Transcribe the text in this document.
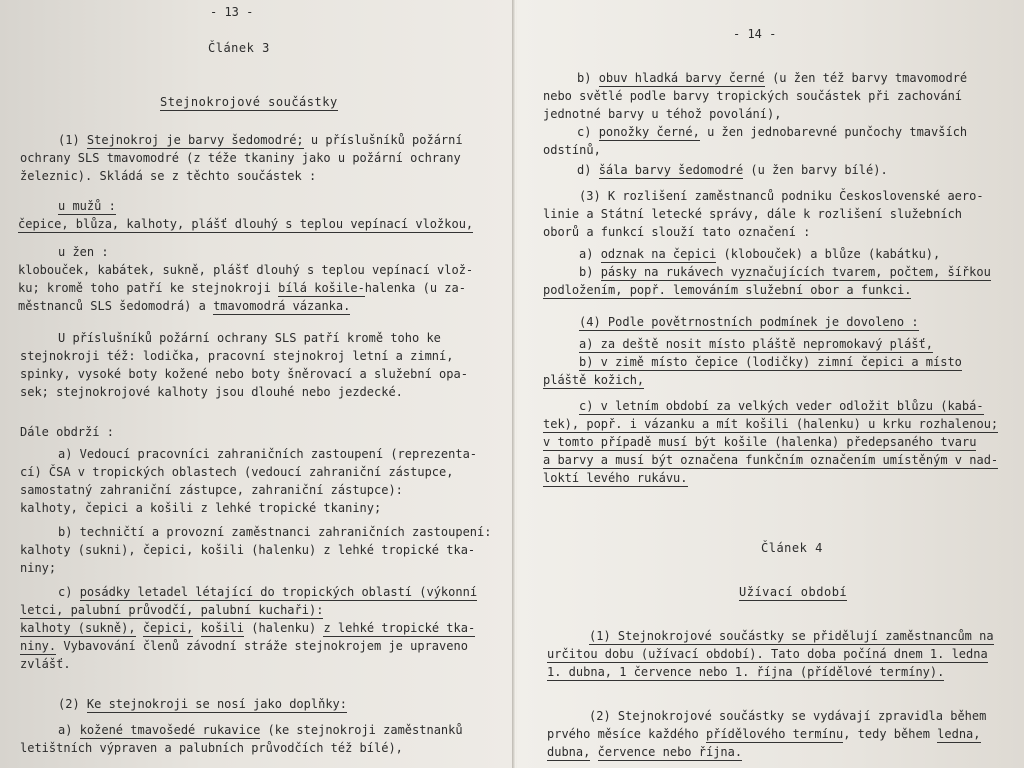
- 13 -
Článek 3
Stejnokrojové součástky
(1) Stejnokroj je barvy šedomodré; u příslušníků požární
ochrany SLS tmavomodré (z téže tkaniny jako u požární ochrany
železnic). Skládá se z těchto součástek :
u mužů :
čepice, blůza, kalhoty, plášť dlouhý s teplou vepínací vložkou,
u žen :
klobouček, kabátek, sukně, plášť dlouhý s teplou vepínací vlož-
ku; kromě toho patří ke stejnokroji bílá košile-halenka (u za-
městnanců SLS šedomodrá) a tmavomodrá vázanka.
U příslušníků požární ochrany SLS patří kromě toho ke
stejnokroji též: lodička, pracovní stejnokroj letní a zimní,
spinky, vysoké boty kožené nebo boty šněrovací a služební opa-
sek; stejnokrojové kalhoty jsou dlouhé nebo jezdecké.
Dále obdrží :
a) Vedoucí pracovníci zahraničních zastoupení (reprezenta-
cí) ČSA v tropických oblastech (vedoucí zahraniční zástupce,
samostatný zahraniční zástupce, zahraniční zástupce):
kalhoty, čepici a košili z lehké tropické tkaniny;
b) techničtí a provozní zaměstnanci zahraničních zastoupení:
kalhoty (sukni), čepici, košili (halenku) z lehké tropické tka-
niny;
c) posádky letadel létající do tropických oblastí (výkonní
letci, palubní průvodčí, palubní kuchaři):
kalhoty (sukně), čepici, košili (halenku) z lehké tropické tka-
niny. Vybavování členů závodní stráže stejnokrojem je upraveno
zvlášť.
(2) Ke stejnokroji se nosí jako doplňky:
a) kožené tmavošedé rukavice (ke stejnokroji zaměstnanků
letištních výpraven a palubních průvodčích též bílé),
- 14 -
b) obuv hladká barvy černé (u žen též barvy tmavomodré
nebo světlé podle barvy tropických součástek při zachování
jednotné barvy u téhož povolání),
c) ponožky černé, u žen jednobarevné punčochy tmavších
odstínů,
d) šála barvy šedomodré (u žen barvy bílé).
(3) K rozlišení zaměstnanců podniku Československé aero-
linie a Státní letecké správy, dále k rozlišení služebních
oborů a funkcí slouží tato označení :
a) odznak na čepici (klobouček) a blůze (kabátku),
b) pásky na rukávech vyznačujících tvarem, počtem, šířkou
podložením, popř. lemováním služební obor a funkci.
(4) Podle povětrnostních podmínek je dovoleno :
a) za deště nosit místo pláště nepromokavý plášť,
b) v zimě místo čepice (lodičky) zimní čepici a místo
pláště kožich,
c) v letním období za velkých veder odložit blůzu (kabá-
tek), popř. i vázanku a mít košili (halenku) u krku rozhalenou;
v tomto případě musí být košile (halenka) předepsaného tvaru
a barvy a musí být označena funkčním označením umístěným v nad-
loktí levého rukávu.
Článek 4
Užívací období
(1) Stejnokrojové součástky se přidělují zaměstnancům na
určitou dobu (užívací období). Tato doba počíná dnem 1. ledna
1. dubna, 1 července nebo 1. října (přídělové termíny).
(2) Stejnokrojové součástky se vydávají zpravidla během
prvého měsíce každého přídělového termínu, tedy během ledna,
dubna, července nebo října.
